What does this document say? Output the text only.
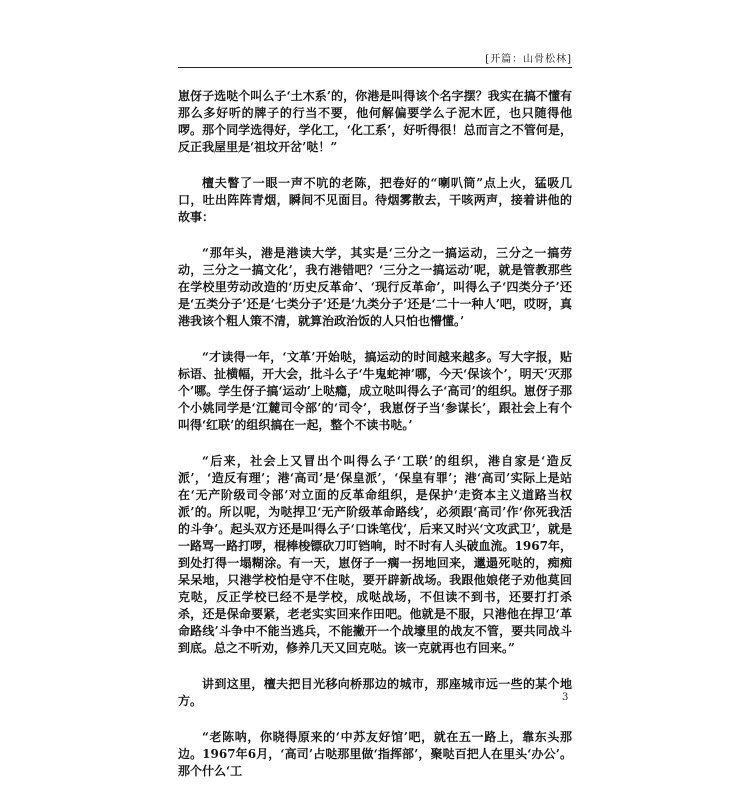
[开篇：山骨松林]

崽伢子选哒个叫么子‘土木系’的，你港是叫得该个名字摆？我实在搞不懂有那么多好听的牌子的行当不要，他何解偏要学么子泥木匠，也只随得他啰。那个同学选得好，学化工，‘化工系’，好听得很！总而言之不管何是，反正我屋里是‘祖坟开岔’哒！”

檀夫瞥了一眼一声不吭的老陈，把卷好的“喇叭筒”点上火，猛吸几口，吐出阵阵青烟，瞬间不见面目。待烟雾散去，干咳两声，接着讲他的故事：

“那年头，港是港读大学，其实是‘三分之一搞运动，三分之一搞劳动，三分之一搞文化’，我冇港错吧？‘三分之一搞运动’呢，就是管教那些在学校里劳动改造的‘历史反革命’、‘现行反革命’，叫得么子‘四类分子’还是‘五类分子’还是‘七类分子’还是‘九类分子’还是‘二十一种人’吧，哎呀，真港我该个粗人策不清，就算治政治饭的人只怕也懵懂。’

“才读得一年，‘文革’开始哒，搞运动的时间越来越多。写大字报，贴标语、扯横幅，开大会，批斗么子‘牛鬼蛇神’哪，今天‘保该个’，明天‘灭那个’哪。学生伢子搞‘运动’上哒瘾，成立哒叫得么子‘高司’的组织。崽伢子那个小姚同学是‘江麓司令部’的‘司令’，我崽伢子当‘参谋长’，跟社会上有个叫得‘红联’的组织搞在一起，整个不读书哒。’

“后来，社会上又冒出个叫得么子‘工联’的组织，港自家是‘造反派’，‘造反有理’；港‘高司’是‘保皇派’，‘保皇有罪’；港‘高司’实际上是站在‘无产阶级司令部’对立面的反革命组织，是保护‘走资本主义道路当权派’的。所以呢，为哒捍卫‘无产阶级革命路线’，必须跟‘高司’作‘你死我活的斗争’。起头双方还是叫得么子‘口诛笔伐’，后来又时兴‘文攻武卫’，就是一路骂一路打啰，棍棒梭镖砍刀叮铛响，时不时有人头破血流。1967年，到处打得一塌糊涂。有一天，崽伢子一瘸一拐地回来，邋遢死哒的，痴痴呆呆地，只港学校怕是守不住哒，要开辟新战场。我跟他娘佬子劝他莫回克哒，反正学校已经不是学校，成哒战场，不但读不到书，还要打打杀杀，还是保命要紧，老老实实回来作田吧。他就是不服，只港他在捍卫‘革命路线’斗争中不能当逃兵，不能撇开一个战壕里的战友不管，要共同战斗到底。总之不听劝，修养几天又回克哒。该一克就再也冇回来。”

讲到这里，檀夫把目光移向桥那边的城市，那座城市远一些的某个地方。

“老陈呐，你晓得原来的‘中苏友好馆’吧，就在五一路上，靠东头那边。1967年6月，‘高司’占哒那里做‘指挥部’，聚哒百把人在里头‘办公’。那个什么‘工

3
